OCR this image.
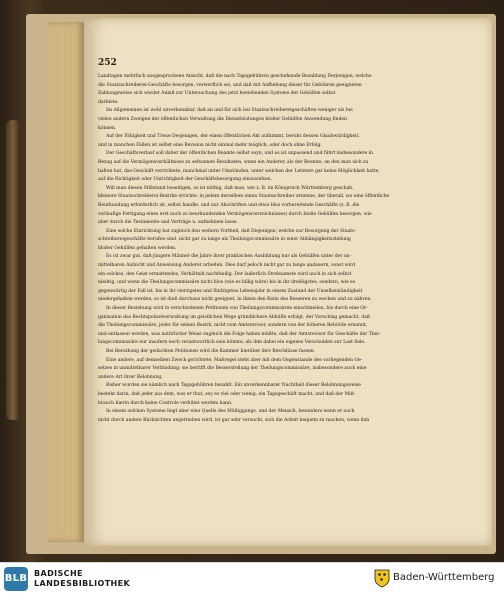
252
Landtagen mehrfach ausgesprochene Ansicht, daß die nach Tagsgebühren geschehende Bezahlung Derjenigen, welche
die Staatsschreiberei-Geschäfte besorgen, verwerflich sei, und daß mit Aufhebung dieser für Gebühren geeigneten
Zahlungsweise sich wieder Anlaß zur Untersuchung des jetzt bestehenden Systems der Gehülfen selbst
darbiete.
Im Allgemeinen ist wohl unverkennbar, daß an und für sich bei Staatsschreibereigeschäften weniger als bei
vielen andern Zweigen der öffentlichen Verwaltung die Dienstleistungen bloßer Gehülfen Anwendung finden
können.
Auf der Fähigkeit und Treue Desjenigen, der einen öffentlichen Akt aufnimmt, beruht dessen Glaubwürdigkeit,
und in manchen Fällen ist selbst eine Revision nicht einmal mehr möglich, oder doch ohne Erfolg.
Der Geschäftsverlauf soll daher der öffentlichen Beamte selbst seyn, und es ist unpassend und führt insbesondere in
Bezug auf die Vermögensverhältnisse zu seltsamen Resultaten, wenn ein Anderer, als der Beamte, an den man sich zu
halten hat, das Geschäft verrichtete, manchmal unter Umständen, unter welchen der Letztere gar keine Möglichkeit hatte,
auf die Richtigkeit oder Unrichtigkeit der Geschäftsbesorgung einzuwirken.
Will man diesen Mißstand beseitigen, so ist nöthig, daß man, wie z. B. im Königreich Württemberg geschah,
kleinere Staatsschreiberei-Bezirke errichte, in jedem derselben einen Staatsschreiber ernenne, der überall, wo eine öffentliche
Beurkundung erforderlich ist, selbst handle, und nur Abschriften und etwa blos vorbereitende Geschäfte (z. B. die
vorläufige Fertigung eines erst noch zu beurkundenden Vermögensverzeichnisses) durch bloße Gehülfen besorgen, wie
aber durch die Testamente und Verträge u. aufnehmen lasse.
Eine solche Einrichtung hat zugleich den weitern Vortheil, daß Diejenigen, welche zur Besorgung der Staats-
schreibereigeschäfte berufen sind, nicht gar zu lange als Theilungscommissäre in einer Abhängigkeitsstellung
bloßer Gehülfen gehalten werden.
Es ist zwar gut, daß jüngere Männer die Jahre ihrer praktischen Ausbildung nur als Gehülfen unter der un-
mittelbaren Aufsicht und Anweisung Anderer arbeiten. Dies darf jedoch nicht gar zu lange andauern, sonst wird
ein solches, den Geist ermattendes, Verhältniß nachtheilig. Der äußerlich Strebsamste wird auch in sich selbst
niedrig, und wenn die Theilungscommissäre nicht blos (wie es billig wäre) bis in ihr dreißigstes, sondern, wie es
gegenwärtig der Fall ist, bis in ihr vierzigstes und fünfzigstes Lebensjahr in einem Zustand der Unselbstständigkeit
niedergehalten werden, so ist dieß durchaus nicht geeignet, in ihnen den Keim des Besseren zu wecken und zu nähren.
In dieser Beziehung wird in verschiedenen Petitionen von Theilungscommissären einschmeilen, bis durch eine Or-
ganisation des Rechtspolizeiverwaltung im geistlichen Wege gründlichere Abhülfe erfolgt, der Vorschlag gemacht, daß
die Theilungscommissäre, jeder für seinen Bezirk, nicht vom Amtsrevisor, sondern von der höheren Behörde ernannt,
und entlassen werden, was natürlicher Weise zugleich die Folge haben müßte, daß der Amtsrevisor für Geschäfte der Thei-
lungscommissäre nur insofern noch verantwortlich sein könnte, als ihm dabei ein eigenes Verschulden zur Last fiele.
Bei Berathung der gedachten Petitionen wird die Kammer hierüber ihre Beschlüsse fassen.
Eine andere, auf demselben Zweck gerichtete, Maßregel steht aber mit dem Gegenstande des vorliegenden Ge-
setzes in unmittelbarer Verbindung; sie betrifft die Besserstellung der Theilungscommissäre, insbesondere auch eine
andere Art ihrer Belohnung.
Bisher wurden sie nämlich nach Tagsgebühren bezahlt. Ein unverkennbarer Nachtheil dieser Belohnungsweise
besteht darin, daß jeder aus dem, was er thut, sey es viel oder wenig, ein Tagsgeschäft macht, und daß der Miß-
brauch hierin durch keine Controle verhütet werden kann.
In einem solchen Systeme liegt aber eine Quelle des Müßiggangs, und der Mensch, besonders wenn er auch
nicht durch andere Rücksichten angetrieben wird, ist gar sehr versucht, sich die Arbeit bequem zu machen, wenn ihm
BLB BADISCHE
LANDESBIBLIOTHEK
Baden-Württemberg
